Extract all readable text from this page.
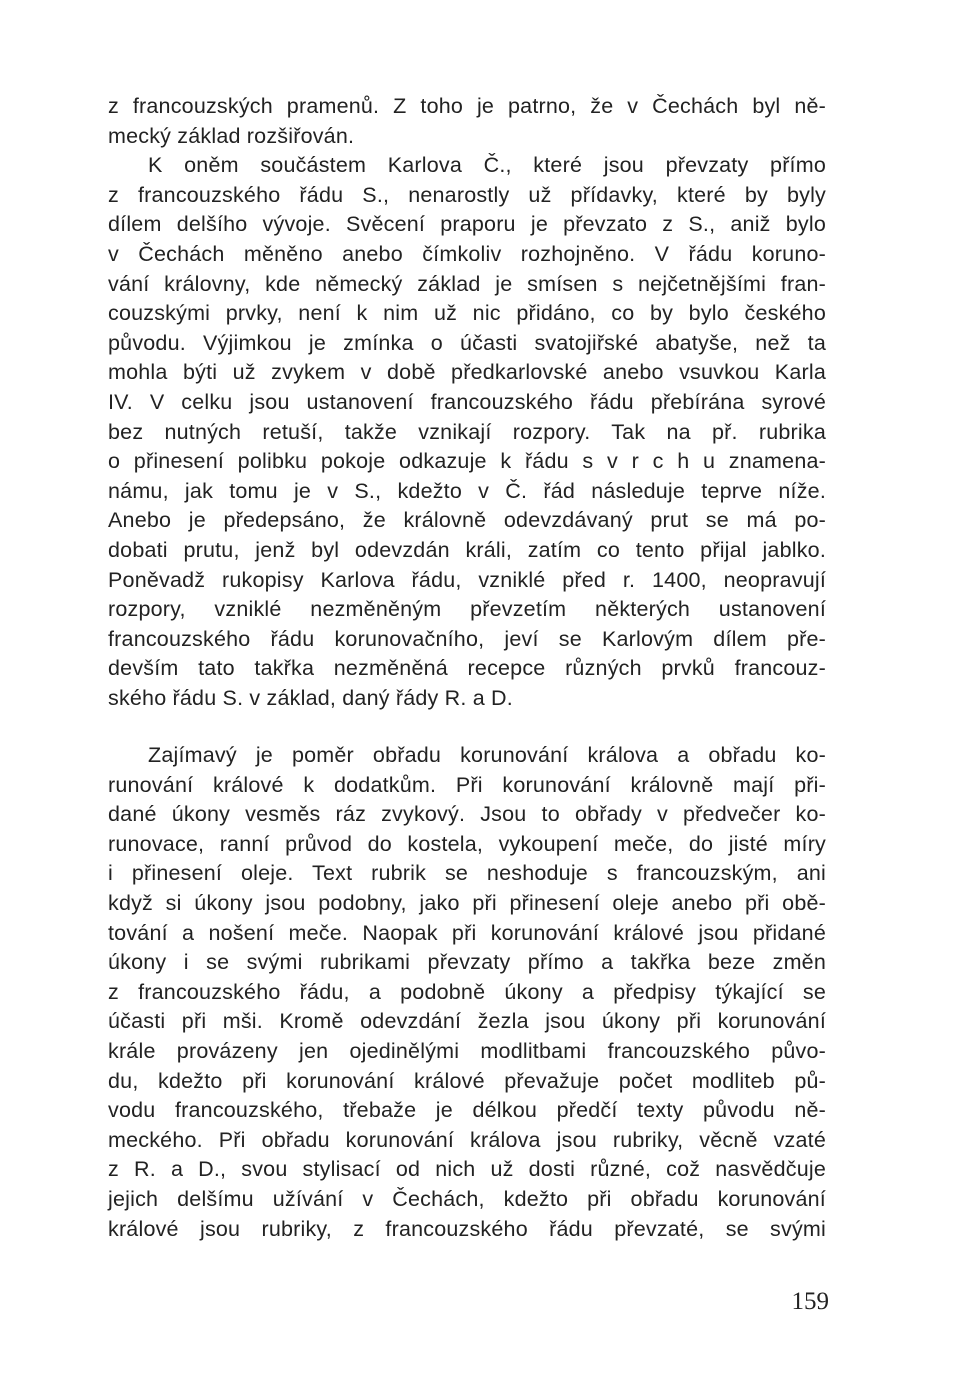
z francouzských pramenů. Z toho je patrno, že v Čechách byl ně-
mecký základ rozšiřován.
K oněm součástem Karlova Č., které jsou převzaty přímo
z francouzského řádu S., nenarostly už přídavky, které by byly
dílem delšího vývoje. Svěcení praporu je převzato z S., aniž bylo
v Čechách měněno anebo čímkoliv rozhojněno. V řádu koruno-
vání královny, kde německý základ je smísen s nejčetnějšími fran-
couzskými prvky, není k nim už nic přidáno, co by bylo českého
původu. Výjimkou je zmínka o účasti svatojiřské abatyše, než ta
mohla býti už zvykem v době předkarlovské anebo vsuvkou Karla
IV. V celku jsou ustanovení francouzského řádu přebírána syrové
bez nutných retuší, takže vznikají rozpory. Tak na př. rubrika
o přinesení polibku pokoje odkazuje k řádu s v r c h u znamena-
námu, jak tomu je v S., kdežto v Č. řád následuje teprve níže.
Anebo je předepsáno, že královně odevzdávaný prut se má po-
dobati prutu, jenž byl odevzdán králi, zatím co tento přijal jablko.
Poněvadž rukopisy Karlova řádu, vzniklé před r. 1400, neopravují
rozpory, vzniklé nezměněným převzetím některých ustanovení
francouzského řádu korunovačního, jeví se Karlovým dílem pře-
devším tato takřka nezměněná recepce různých prvků francouz-
ského řádu S. v základ, daný řády R. a D.
Zajímavý je poměr obřadu korunování králova a obřadu ko-
runování králové k dodatkům. Při korunování královně mají při-
dané úkony vesměs ráz zvykový. Jsou to obřady v předvečer ko-
runovace, ranní průvod do kostela, vykoupení meče, do jisté míry
i přinesení oleje. Text rubrik se neshoduje s francouzským, ani
když si úkony jsou podobny, jako při přinesení oleje anebo při obě-
tování a nošení meče. Naopak při korunování králové jsou přidané
úkony i se svými rubrikami převzaty přímo a takřka beze změn
z francouzského řádu, a podobně úkony a předpisy týkající se
účasti při mši. Kromě odevzdání žezla jsou úkony při korunování
krále provázeny jen ojedinělými modlitbami francouzského půvo-
du, kdežto při korunování králové převažuje počet modliteb pů-
vodu francouzského, třebaže je délkou předčí texty původu ně-
meckého. Při obřadu korunování králova jsou rubriky, věcně vzaté
z R. a D., svou stylisací od nich už dosti různé, což nasvědčuje
jejich delšímu užívání v Čechách, kdežto při obřadu korunování
králové jsou rubriky, z francouzského řádu převzaté, se svými
159
